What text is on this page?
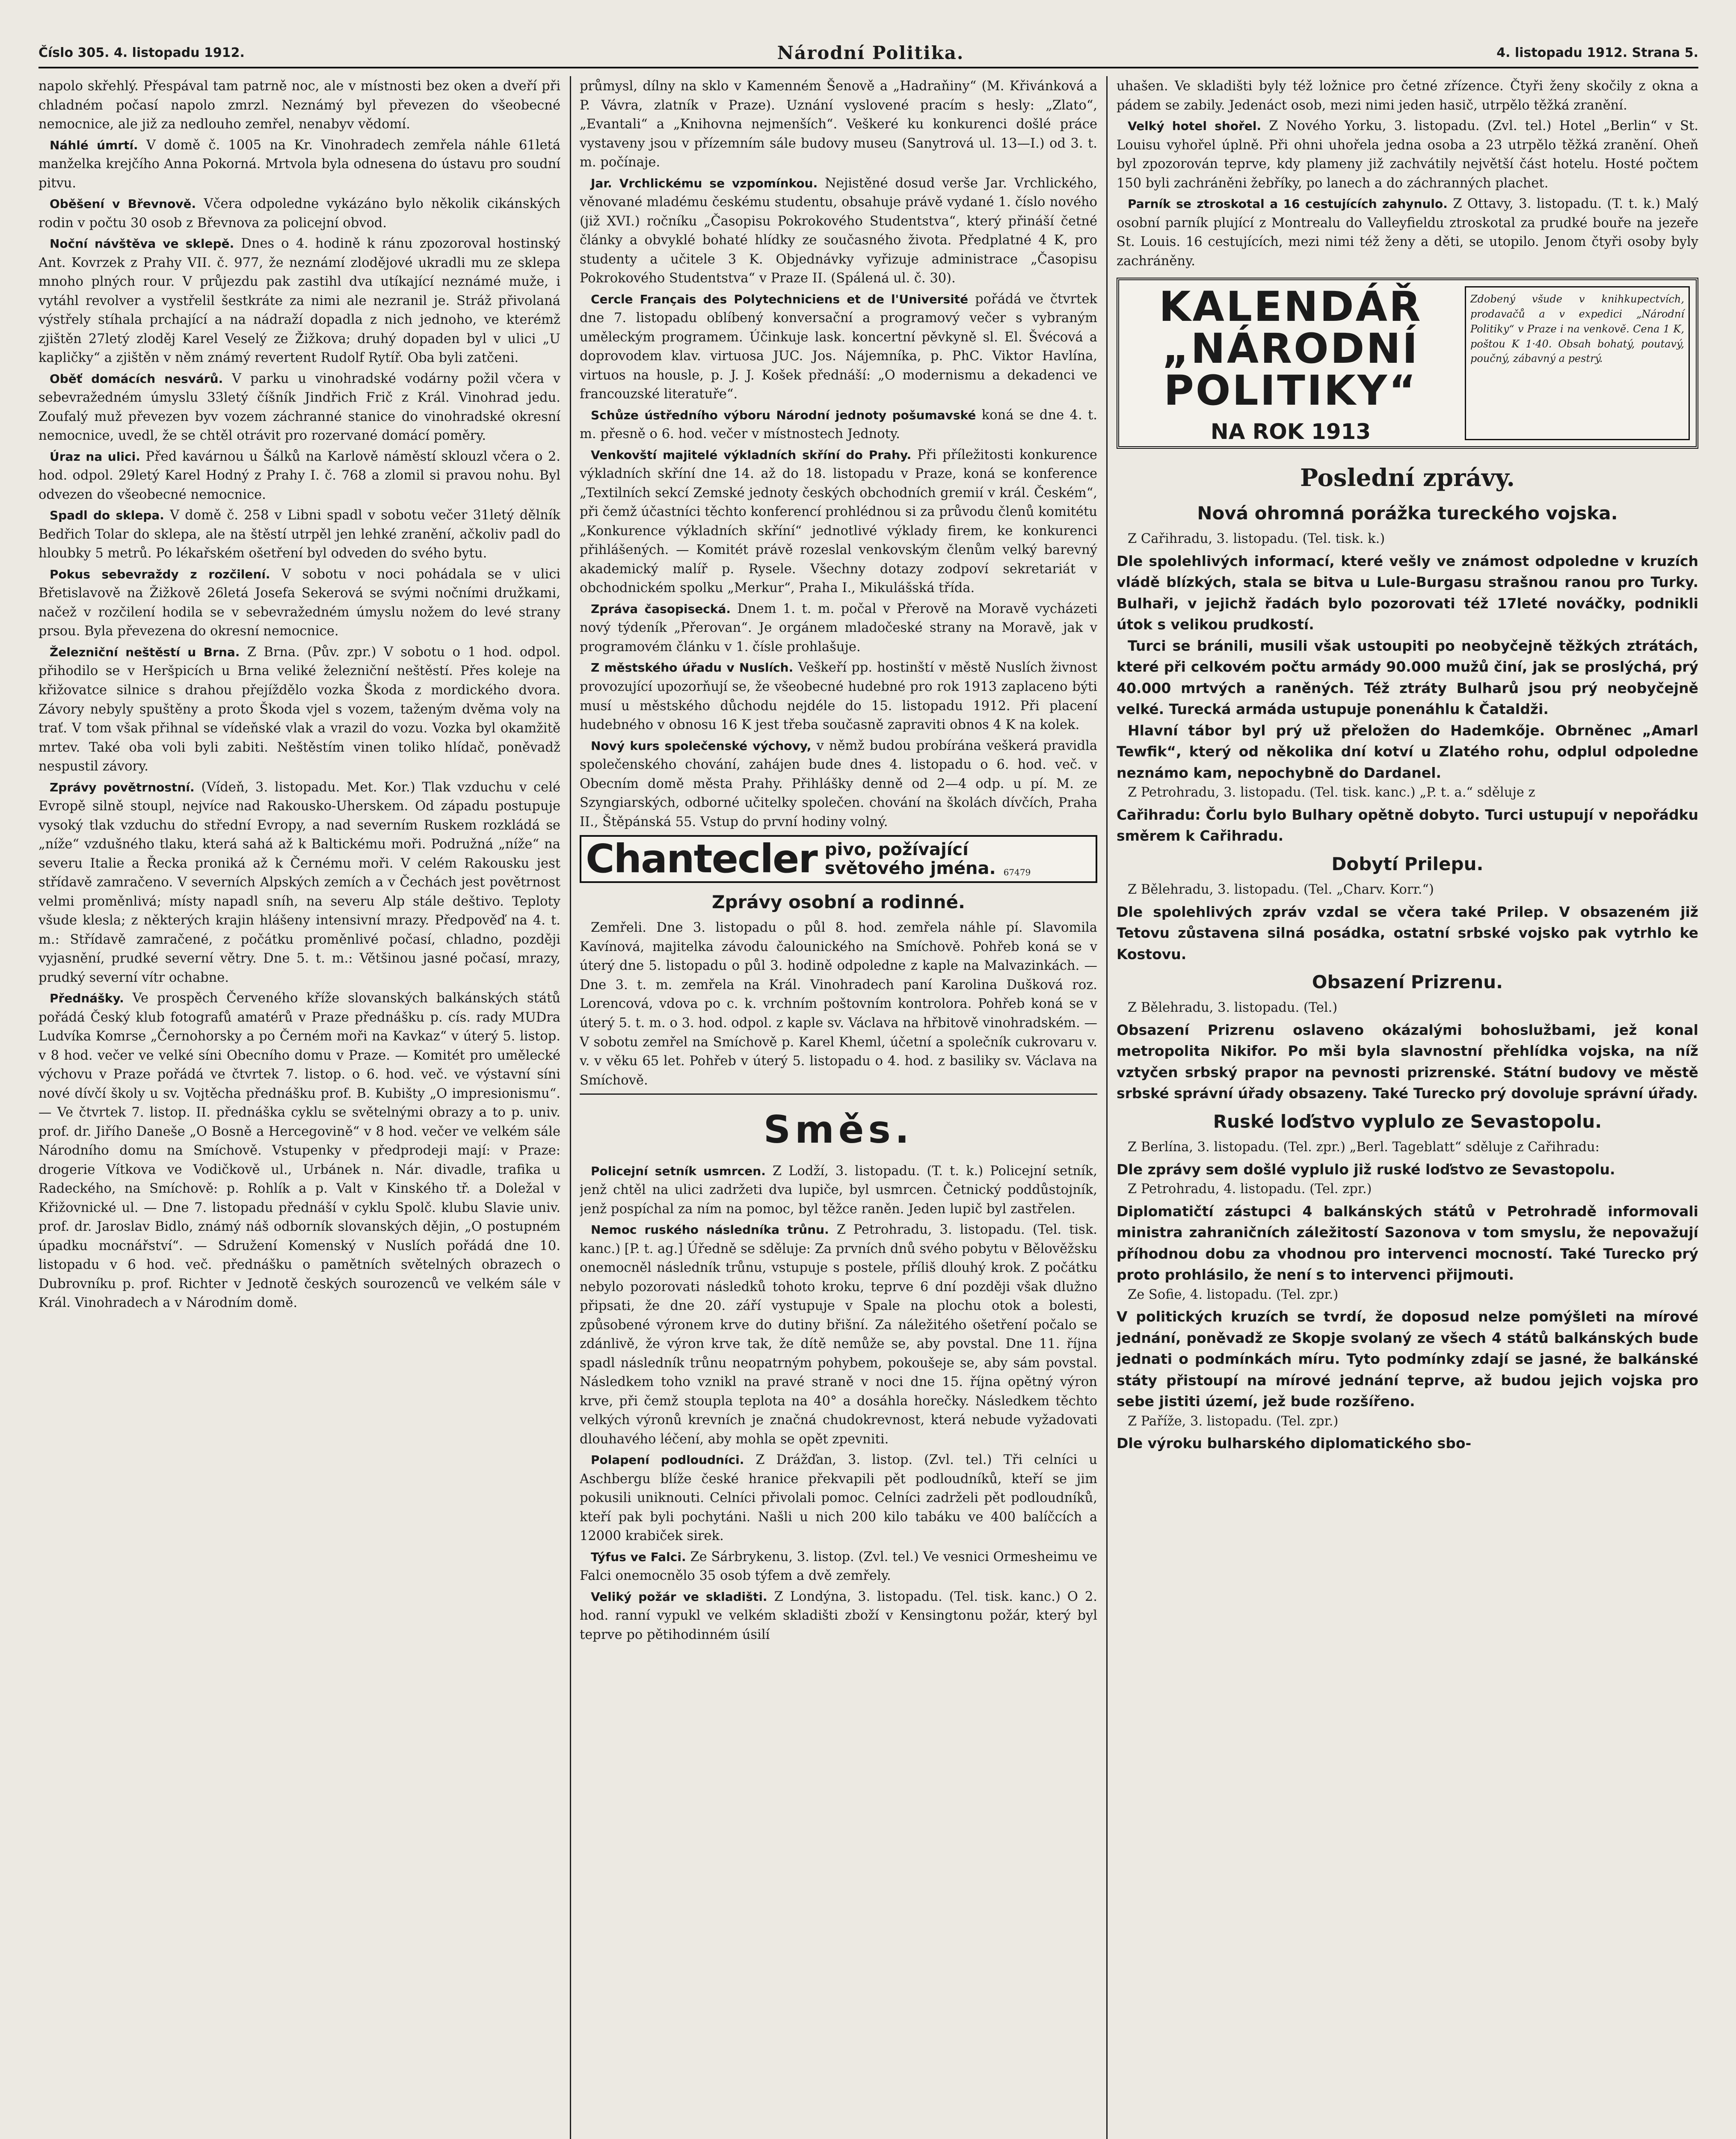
Číslo 305. 4. listopadu 1912.	Národní Politika.	4. listopadu 1912. Strana 5.

napolo skřehlý. Přespával tam patrně noc, ale v místnosti bez oken a dveří při chladném počasí napolo zmrzl. Neznámý byl převezen do všeobecné nemocnice, ale již za nedlouho zemřel, nenabyv vědomí.

Náhlé úmrtí. V domě č. 1005 na Kr. Vinohradech zemřela náhle 61letá manželka krejčího Anna Pokorná. Mrtvola byla odnesena do ústavu pro soudní pitvu.

Oběšení v Břevnově. Včera odpoledne vykázáno bylo několik cikánských rodin v počtu 30 osob z Břevnova za policejní obvod.

Noční návštěva ve sklepě. Dnes o 4. hodině k ránu zpozoroval hostinský Ant. Kovrzek z Prahy VII. č. 977, že neznámí zlodějové ukradli mu ze sklepa mnoho plných rour. V průjezdu pak zastihl dva utíkající neznámé muže, i vytáhl revolver a vystřelil šestkráte za nimi ale nezranil je. Stráž přivolaná výstřely stíhala prchající a na nádraží dopadla z nich jednoho, ve kterémž zjištěn 27letý zloděj Karel Veselý ze Žižkova; druhý dopaden byl v ulici „U kapličky“ a zjištěn v něm známý revertent Rudolf Rytíř. Oba byli zatčeni.

Oběť domácích nesvárů. V parku u vinohradské vodárny požil včera v sebevražedném úmyslu 33letý číšník Jindřich Frič z Král. Vinohrad jedu. Zoufalý muž převezen byv vozem záchranné stanice do vinohradské okresní nemocnice, uvedl, že se chtěl otrávit pro rozervané domácí poměry.

Úraz na ulici. Před kavárnou u Šálků na Karlově náměstí sklouzl včera o 2. hod. odpol. 29letý Karel Hodný z Prahy I. č. 768 a zlomil si pravou nohu. Byl odvezen do všeobecné nemocnice.

Spadl do sklepa. V domě č. 258 v Libni spadl v sobotu večer 31letý dělník Bedřich Tolar do sklepa, ale na štěstí utrpěl jen lehké zranění, ačkoliv padl do hloubky 5 metrů. Po lékařském ošetření byl odveden do svého bytu.

Pokus sebevraždy z rozčilení. V sobotu v noci pohádala se v ulici Břetislavově na Žižkově 26letá Josefa Sekerová se svými nočními družkami, načež v rozčilení hodila se v sebevražedném úmyslu nožem do levé strany prsou. Byla převezena do okresní nemocnice.

Železniční neštěstí u Brna. Z Brna. (Pův. zpr.) V sobotu o 1 hod. odpol. přihodilo se v Heršpicích u Brna veliké železniční neštěstí. Přes koleje na křižovatce silnice s drahou přejíždělo vozka Škoda z mordického dvora. Závory nebyly spuštěny a proto Škoda vjel s vozem, taženým dvěma voly na trať. V tom však přihnal se vídeňské vlak a vrazil do vozu. Vozka byl okamžitě mrtev. Také oba voli byli zabiti. Neštěstím vinen toliko hlídač, poněvadž nespustil závory.

Zprávy povětrnostní. (Vídeň, 3. listopadu. Met. Kor.) Tlak vzduchu v celé Evropě silně stoupl, nejvíce nad Rakousko-Uherskem. Od západu postupuje vysoký tlak vzduchu do střední Evropy, a nad severním Ruskem rozkládá se „níže“ vzdušného tlaku, která sahá až k Baltickému moři. Podružná „níže“ na severu Italie a Řecka proniká až k Černému moři. V celém Rakousku jest střídavě zamračeno. V severních Alpských zemích a v Čechách jest povětrnost velmi proměnlivá; místy napadl sníh, na severu Alp stále deštivo. Teploty všude klesla; z některých krajin hlášeny intensivní mrazy. Předpověď na 4. t. m.: Střídavě zamračené, z počátku proměnlivé počasí, chladno, později vyjasnění, prudké severní větry. Dne 5. t. m.: Většinou jasné počasí, mrazy, prudký severní vítr ochabne.

Přednášky. Ve prospěch Červeného kříže slovanských balkánských států pořádá Český klub fotografů amatérů v Praze přednášku p. cís. rady MUDra Ludvíka Komrse „Černohorsky a po Černém moři na Kavkaz“ v úterý 5. listop. v 8 hod. večer ve velké síni Obecního domu v Praze. — Komitét pro umělecké výchovu v Praze pořádá ve čtvrtek 7. listop. o 6. hod. več. ve výstavní síni nové dívčí školy u sv. Vojtěcha přednášku prof. B. Kubišty „O impresionismu“. — Ve čtvrtek 7. listop. II. přednáška cyklu se světelnými obrazy a to p. univ. prof. dr. Jiřího Daneše „O Bosně a Hercegovině“ v 8 hod. večer ve velkém sále Národního domu na Smíchově. Vstupenky v předprodeji mají: v Praze: drogerie Vítkova ve Vodičkově ul., Urbánek n. Nár. divadle, trafika u Radeckého, na Smíchově: p. Rohlík a p. Valt v Kinského tř. a Doležal v Křižovnické ul. — Dne 7. listopadu přednáší v cyklu Spolč. klubu Slavie univ. prof. dr. Jaroslav Bidlo, známý náš odborník slovanských dějin, „O postupném úpadku mocnářství“. — Sdružení Komenský v Nuslích pořádá dne 10. listopadu v 6 hod. več. přednášku o pamětních světelných obrazech o Dubrovníku p. prof. Richter v Jednotě českých sourozenců ve velkém sále v Král. Vinohradech a v Národním domě.

průmysl, dílny na sklo v Kamenném Šenově a „Hadraňiny“ (M. Křivánková a P. Vávra, zlatník v Praze). Uznání vyslovené pracím s hesly: „Zlato“, „Evantali“ a „Knihovna nejmenších“. Veškeré ku konkurenci došlé práce vystaveny jsou v přízemním sále budovy museu (Sanytrová ul. 13—I.) od 3. t. m. počínaje.

Jar. Vrchlickému se vzpomínkou. Nejistěné dosud verše Jar. Vrchlického, věnované mladému českému studentu, obsahuje právě vydané 1. číslo nového (již XVI.) ročníku „Časopisu Pokrokového Studentstva“, který přináší četné články a obvyklé bohaté hlídky ze současného života. Předplatné 4 K, pro studenty a učitele 3 K. Objednávky vyřizuje administrace „Časopisu Pokrokového Studentstva“ v Praze II. (Spálená ul. č. 30).

Cercle Français des Polytechniciens et de l'Université pořádá ve čtvrtek dne 7. listopadu oblíbený konversační a programový večer s vybraným uměleckým programem. Účinkuje lask. koncertní pěvkyně sl. El. Švécová a doprovodem klav. virtuosa JUC. Jos. Nájemníka, p. PhC. Viktor Havlína, virtuos na housle, p. J. J. Košek přednáší: „O modernismu a dekadenci ve francouzské literatuře“.

Schůze ústředního výboru Národní jednoty pošumavské koná se dne 4. t. m. přesně o 6. hod. večer v místnostech Jednoty.

Venkovští majitelé výkladních skříní do Prahy. Při příležitosti konkurence výkladních skříní dne 14. až do 18. listopadu v Praze, koná se konference „Textilních sekcí Zemské jednoty českých obchodních gremií v král. Českém“, při čemž účastníci těchto konferencí prohlédnou si za průvodu členů komitétu „Konkurence výkladních skříní“ jednotlivé výklady firem, ke konkurenci přihlášených. — Komitét právě rozeslal venkovským členům velký barevný akademický malíř p. Rysele. Všechny dotazy zodpoví sekretariát v obchodnickém spolku „Merkur“, Praha I., Mikulášská třída.

Zpráva časopisecká. Dnem 1. t. m. počal v Přerově na Moravě vycházeti nový týdeník „Přerovan“. Je orgánem mladočeské strany na Moravě, jak v programovém článku v 1. čísle prohlašuje.

Z městského úřadu v Nuslích. Veškeří pp. hostinští v městě Nuslích živnost provozující upozorňují se, že všeobecné hudebné pro rok 1913 zaplaceno býti musí u městského důchodu nejdéle do 15. listopadu 1912. Při placení hudebného v obnosu 16 K jest třeba současně zapraviti obnos 4 K na kolek.

Nový kurs společenské výchovy, v němž budou probírána veškerá pravidla společenského chování, zahájen bude dnes 4. listopadu o 6. hod. več. v Obecním domě města Prahy. Přihlášky denně od 2—4 odp. u pí. M. ze Szyngiarských, odborné učitelky společen. chování na školách dívčích, Praha II., Štěpánská 55. Vstup do první hodiny volný.

Chantecler pivo, požívající
světového jména. 67479
Zprávy osobní a rodinné.

Zemřeli. Dne 3. listopadu o půl 8. hod. zemřela náhle pí. Slavomila Kavínová, majitelka závodu čalounického na Smíchově. Pohřeb koná se v úterý dne 5. listopadu o půl 3. hodině odpoledne z kaple na Malvazinkách. — Dne 3. t. m. zemřela na Král. Vinohradech paní Karolina Dušková roz. Lorencová, vdova po c. k. vrchním poštovním kontrolora. Pohřeb koná se v úterý 5. t. m. o 3. hod. odpol. z kaple sv. Václava na hřbitově vinohradském. — V sobotu zemřel na Smíchově p. Karel Kheml, účetní a společník cukrovaru v. v. v věku 65 let. Pohřeb v úterý 5. listopadu o 4. hod. z basiliky sv. Václava na Smíchově.

Směs.

Policejní setník usmrcen. Z Lodží, 3. listopadu. (T. t. k.) Policejní setník, jenž chtěl na ulici zadržeti dva lupiče, byl usmrcen. Četnický poddůstojník, jenž pospíchal za ním na pomoc, byl těžce raněn. Jeden lupič byl zastřelen.

Nemoc ruského následníka trůnu. Z Petrohradu, 3. listopadu. (Tel. tisk. kanc.) [P. t. ag.] Úředně se sděluje: Za prvních dnů svého pobytu v Bělověžsku onemocněl následník trůnu, vstupuje s postele, příliš dlouhý krok. Z počátku nebylo pozorovati následků tohoto kroku, teprve 6 dní později však dlužno připsati, že dne 20. září vystupuje v Spale na plochu otok a bolesti, způsobené výronem krve do dutiny břišní. Za náležitého ošetření počalo se zdánlivě, že výron krve tak, že dítě nemůže se, aby povstal. Dne 11. října spadl následník trůnu neopatrným pohybem, pokoušeje se, aby sám povstal. Následkem toho vznikl na pravé straně v noci dne 15. října opětný výron krve, při čemž stoupla teplota na 40° a dosáhla horečky. Následkem těchto velkých výronů krevních je značná chudokrevnost, která nebude vyžadovati dlouhavého léčení, aby mohla se opět zpevniti.

Polapení podloudníci. Z Drážďan, 3. listop. (Zvl. tel.) Tři celníci u Aschbergu blíže české hranice překvapili pět podloudníků, kteří se jim pokusili uniknouti. Celníci přivolali pomoc. Celníci zadrželi pět podloudníků, kteří pak byli pochytáni. Našli u nich 200 kilo tabáku ve 400 balíčcích a 12000 krabiček sirek.

Týfus ve Falci. Ze Sárbrykenu, 3. listop. (Zvl. tel.) Ve vesnici Ormesheimu ve Falci onemocnělo 35 osob týfem a dvě zemřely.

Veliký požár ve skladišti. Z Londýna, 3. listopadu. (Tel. tisk. kanc.) O 2. hod. ranní vypukl ve velkém skladišti zboží v Kensingtonu požár, který byl teprve po pětihodinném úsilí

uhašen. Ve skladišti byly též ložnice pro četné zřízence. Čtyři ženy skočily z okna a pádem se zabily. Jedenáct osob, mezi nimi jeden hasič, utrpělo těžká zranění.

Velký hotel shořel. Z Nového Yorku, 3. listopadu. (Zvl. tel.) Hotel „Berlin“ v St. Louisu vyhořel úplně. Při ohni uhořela jedna osoba a 23 utrpělo těžká zranění. Oheň byl zpozorován teprve, kdy plameny již zachvátily největší část hotelu. Hosté počtem 150 byli zachráněni žebříky, po lanech a do záchranných plachet.

Parník se ztroskotal a 16 cestujících zahynulo. Z Ottavy, 3. listopadu. (T. t. k.) Malý osobní parník plující z Montrealu do Valleyfieldu ztroskotal za prudké bouře na jezeře St. Louis. 16 cestujících, mezi nimi též ženy a děti, se utopilo. Jenom čtyři osoby byly zachráněny.

KALENDÁŘ
„NÁRODNÍ
POLITIKY“
NA ROK 1913
Zdobený všude v knihkupectvích, prodavačů a v expedici „Národní Politiky“ v Praze i na venkově. Cena 1 K, poštou K 1·40. Obsah bohatý, poutavý, poučný, zábavný a pestrý.
Poslední zprávy.
Nová ohromná porážka tureckého vojska.

Z Cařihradu, 3. listopadu. (Tel. tisk. k.)

Dle spolehlivých informací, které vešly ve známost odpoledne v kruzích vládě blízkých, stala se bitva u Lule-Burgasu strašnou ranou pro Turky. Bulhaři, v jejichž řadách bylo pozorovati též 17leté nováčky, podnikli útok s velikou prudkostí.
Turci se bránili, musili však ustoupiti po neobyčejně těžkých ztrátách, které při celkovém počtu armády 90.000 mužů činí, jak se proslýchá, prý 40.000 mrtvých a raněných. Též ztráty Bulharů jsou prý neobyčejně velké. Turecká armáda ustupuje ponenáhlu k Čataldži.
Hlavní tábor byl prý už přeložen do Hademkője. Obrněnec „Amarl Tewfik“, který od několika dní kotví u Zlatého rohu, odplul odpoledne neznámo kam, nepochybně do Dardanel.

Z Petrohradu, 3. listopadu. (Tel. tisk. kanc.) „P. t. a.“ sděluje z

Cařihradu: Čorlu bylo Bulhary opětně dobyto. Turci ustupují v nepořádku směrem k Cařihradu.
Dobytí Prilepu.

Z Bělehradu, 3. listopadu. (Tel. „Charv. Korr.“)

Dle spolehlivých zpráv vzdal se včera také Prilep. V obsazeném již Tetovu zůstavena silná posádka, ostatní srbské vojsko pak vytrhlo ke Kostovu.
Obsazení Prizrenu.

Z Bělehradu, 3. listopadu. (Tel.)

Obsazení Prizrenu oslaveno okázalými bohoslužbami, jež konal metropolita Nikifor. Po mši byla slavnostní přehlídka vojska, na níž vztyčen srbský prapor na pevnosti prizrenské. Státní budovy ve městě srbské správní úřady obsazeny. Také Turecko prý dovoluje správní úřady.
Ruské loďstvo vyplulo ze Sevastopolu.

Z Berlína, 3. listopadu. (Tel. zpr.) „Berl. Tageblatt“ sděluje z Cařihradu:

Dle zprávy sem došlé vyplulo již ruské loďstvo ze Sevastopolu.

Z Petrohradu, 4. listopadu. (Tel. zpr.)

Diplomatičtí zástupci 4 balkánských států v Petrohradě informovali ministra zahraničních záležitostí Sazonova v tom smyslu, že nepovažují příhodnou dobu za vhodnou pro intervenci mocností. Také Turecko prý proto prohlásilo, že není s to intervenci přijmouti.

Ze Sofie, 4. listopadu. (Tel. zpr.)

V politických kruzích se tvrdí, že doposud nelze pomýšleti na mírové jednání, poněvadž ze Skopje svolaný ze všech 4 států balkánských bude jednati o podmínkách míru. Tyto podmínky zdají se jasné, že balkánské státy přistoupí na mírové jednání teprve, až budou jejich vojska pro sebe jistiti území, jež bude rozšířeno.

Z Paříže, 3. listopadu. (Tel. zpr.)

Dle výroku bulharského diplomatického sbo-
